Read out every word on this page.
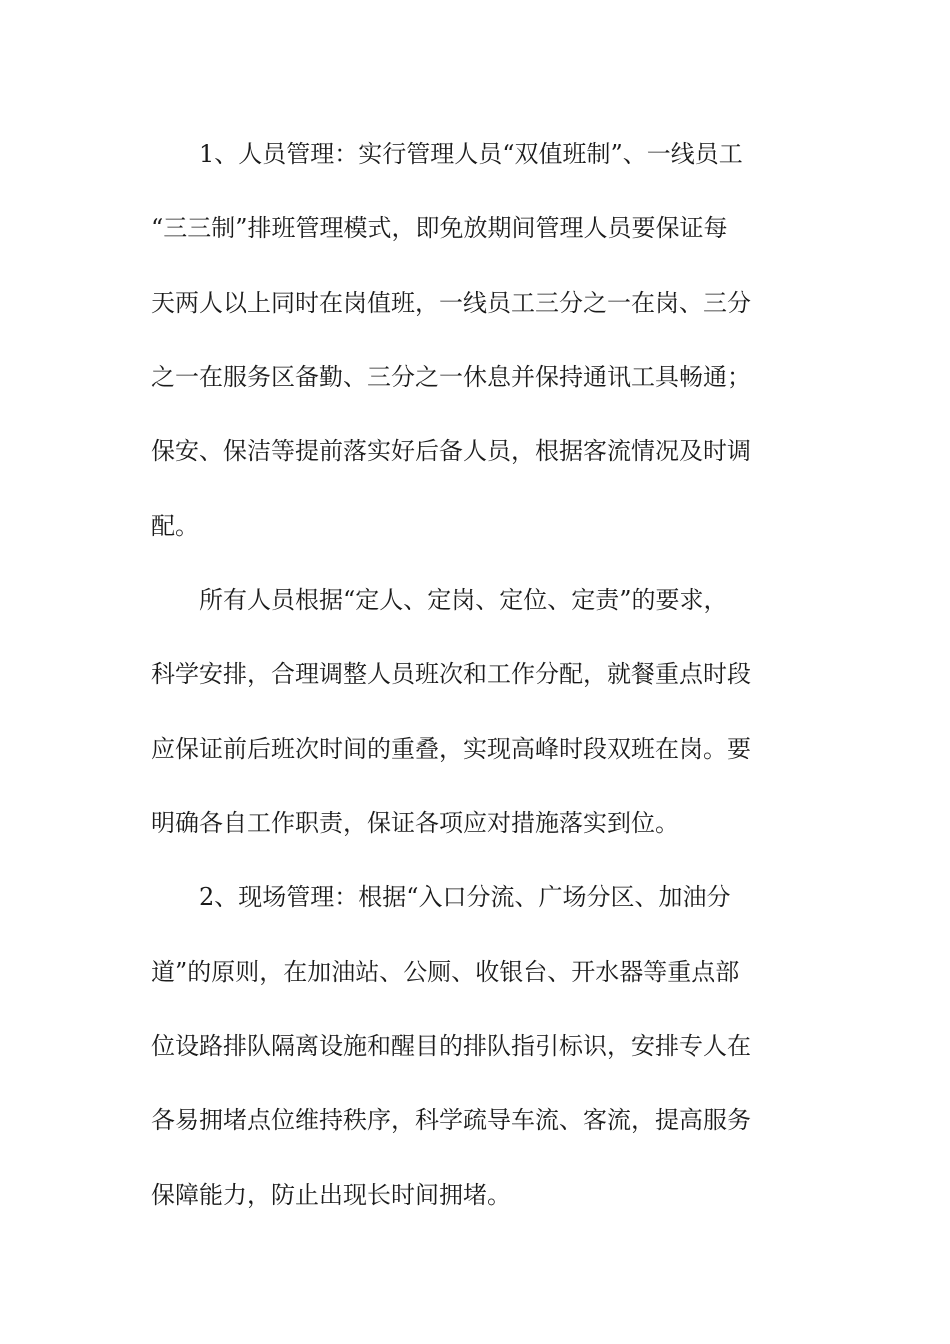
1、人员管理：实行管理人员“双值班制”、一线员工
“三三制”排班管理模式，即免放期间管理人员要保证每
天两人以上同时在岗值班，一线员工三分之一在岗、三分
之一在服务区备勤、三分之一休息并保持通讯工具畅通；
保安、保洁等提前落实好后备人员，根据客流情况及时调
配。
所有人员根据“定人、定岗、定位、定责”的要求，
科学安排，合理调整人员班次和工作分配，就餐重点时段
应保证前后班次时间的重叠，实现高峰时段双班在岗。要
明确各自工作职责，保证各项应对措施落实到位。
2、现场管理：根据“入口分流、广场分区、加油分
道”的原则，在加油站、公厕、收银台、开水器等重点部
位设路排队隔离设施和醒目的排队指引标识，安排专人在
各易拥堵点位维持秩序，科学疏导车流、客流，提高服务
保障能力，防止出现长时间拥堵。
